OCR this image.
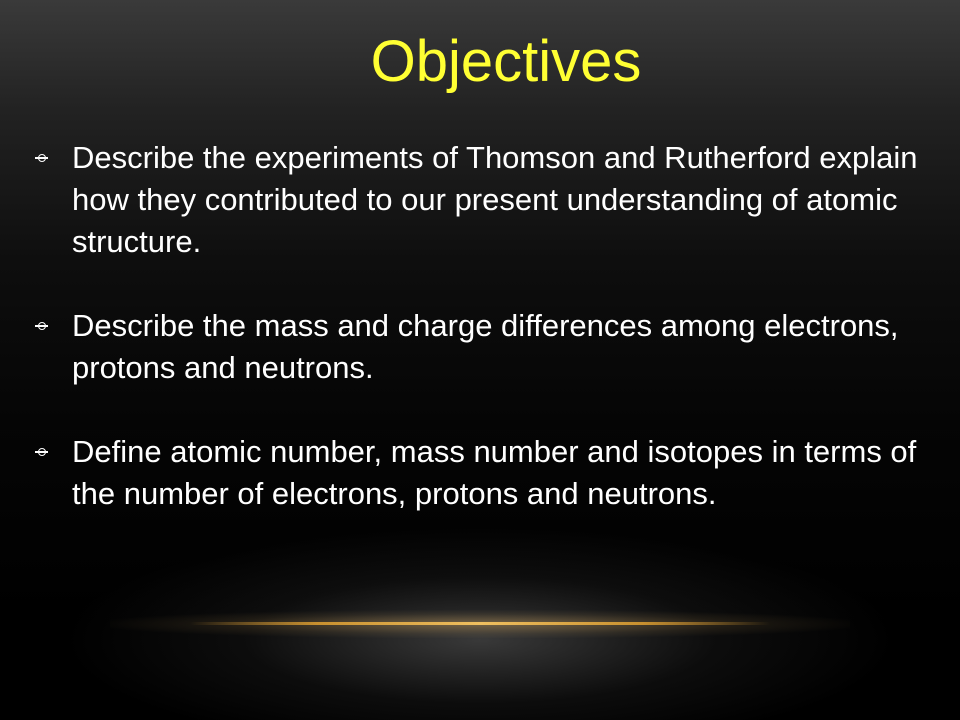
Objectives
Describe the experiments of Thomson and Rutherford explain how they contributed to our present understanding of atomic structure.
Describe the mass and charge differences among electrons, protons and neutrons.
Define atomic number, mass number and isotopes in terms of the number of electrons, protons and neutrons.
